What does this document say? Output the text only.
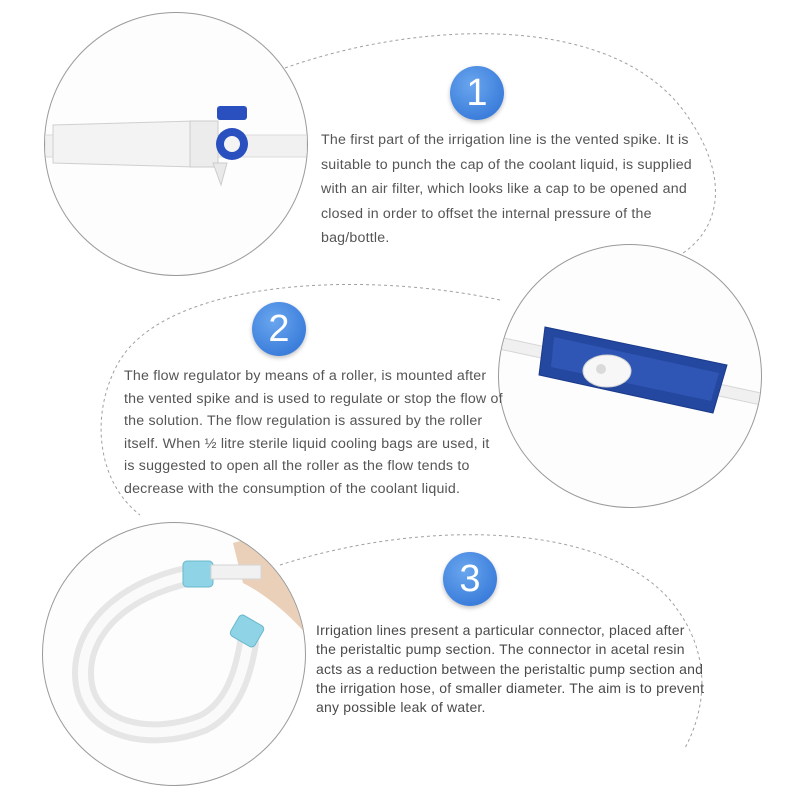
1
The first part of the irrigation line is the vented spike. It is suitable to punch the cap of the coolant liquid, is supplied with an air filter, which looks like a cap to be opened and closed in order to offset the internal pressure of the bag/bottle.
2
The flow regulator by means of a roller, is mounted after the vented spike and is used to regulate or stop the flow of the solution. The flow regulation is assured by the roller itself. When ½ litre sterile liquid cooling bags are used, it is suggested to open all the roller as the flow tends to decrease with the consumption of the coolant liquid.
3
Irrigation lines present a particular connector, placed after the peristaltic pump section. The connector in acetal resin acts as a reduction between the peristaltic pump section and the irrigation hose, of smaller diameter. The aim is to prevent any possible leak of water.
